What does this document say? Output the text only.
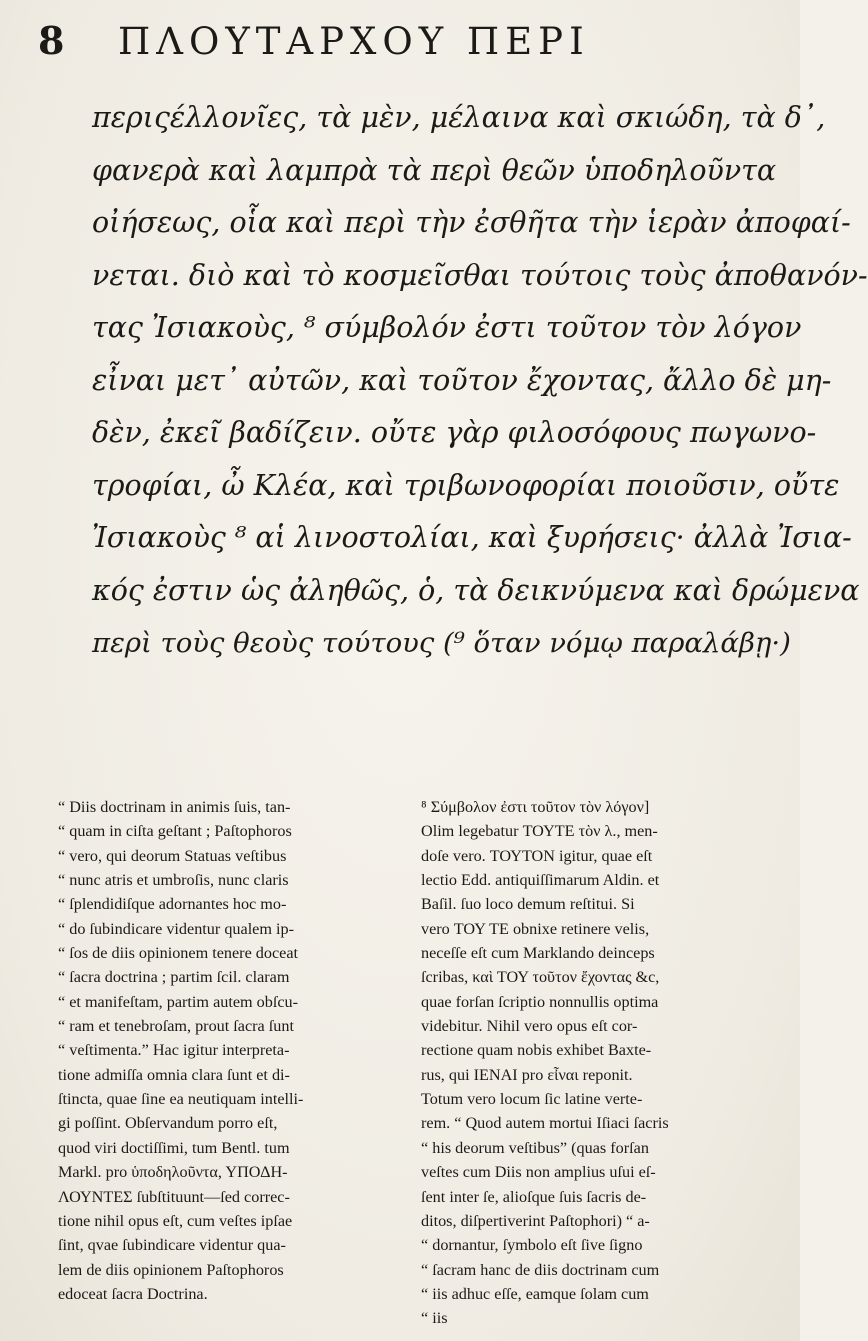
8 ΠΛΟΥΤΑΡΧΟΥ ΠΕΡΙ
περιςέλλονῖες, τὰ μὲν, μέλαινα καὶ σκιώδη, τὰ δ᾽,
φανερὰ καὶ λαμπρὰ τὰ περὶ θεῶν ὑποδηλοῦντα
οἰήσεως, οἷα καὶ περὶ τὴν ἐσθῆτα τὴν ἱερὰν ἀποφαί-
νεται. διὸ καὶ τὸ κοσμεῖσθαι τούτοις τοὺς ἀποθανόν-
τας Ἰσιακοὺς, ⁸ σύμβολόν ἐστι τοῦτον τὸν λόγον
εἶναι μετ᾽ αὐτῶν, καὶ τοῦτον ἔχοντας, ἄλλο δὲ μη-
δὲν, ἐκεῖ βαδίζειν. οὔτε γὰρ φιλοσόφους πωγωνο-
τροφίαι, ὦ Κλέα, καὶ τριβωνοφορίαι ποιοῦσιν, οὔτε
Ἰσιακοὺς ⁸ αἱ λινοστολίαι, καὶ ξυρήσεις· ἀλλὰ Ἰσια-
κός ἐστιν ὡς ἀληθῶς, ὁ, τὰ δεικνύμενα καὶ δρώμενα
περὶ τοὺς θεοὺς τούτους (⁹ ὅταν νόμῳ παραλάβῃ·)
“ Diis doctrinam in animis ſuis, tan-
“ quam in ciſta geſtant ; Paſtophoros
“ vero, qui deorum Statuas veſtibus
“ nunc atris et umbroſis, nunc claris
“ ſplendidiſque adornantes hoc mo-
“ do ſubindicare videntur qualem ip-
“ ſos de diis opinionem tenere doceat
“ ſacra doctrina ; partim ſcil. claram
“ et manifeſtam, partim autem obſcu-
“ ram et tenebroſam, prout ſacra ſunt
“ veſtimenta.” Hac igitur interpreta-
tione admiſſa omnia clara ſunt et di-
ſtincta, quae ſine ea neutiquam intelli-
gi poſſint. Obſervandum porro eſt,
quod viri doctiſſimi, tum Bentl. tum
Markl. pro ὑποδηλοῦντα, ΥΠΟΔΗ-
ΛΟΥΝΤΕΣ ſubſtituunt—ſed correc-
tione nihil opus eſt, cum veſtes ipſae
ſint, qvae ſubindicare videntur qua-
lem de diis opinionem Paſtophoros
edoceat ſacra Doctrina.
⁸ Σύμβολον ἐστι τοῦτον τὸν λόγον]
Olim legebatur ΤΟΥΤΕ τὸν λ., men-
doſe vero. ΤΟΥΤΟΝ igitur, quae eſt
lectio Edd. antiquiſſimarum Aldin. et
Baſil. ſuo loco demum reſtitui. Si
vero ΤΟΥ ΤΕ obnixe retinere velis,
neceſſe eſt cum Marklando deinceps
ſcribas, καὶ ΤΟΥ τοῦτον ἔχοντας &c,
quae forſan ſcriptio nonnullis optima
videbitur. Nihil vero opus eſt cor-
rectione quam nobis exhibet Baxte-
rus, qui ΙΕΝΑΙ pro εἶναι reponit.
Totum vero locum ſic latine verte-
rem. “ Quod autem mortui Iſiaci ſacris
“ his deorum veſtibus” (quas forſan
veſtes cum Diis non amplius uſui eſ-
ſent inter ſe, alioſque ſuis ſacris de-
ditos, diſpertiverint Paſtophori) “ a-
“ dornantur, ſymbolo eſt ſive ſigno
“ ſacram hanc de diis doctrinam cum
“ iis adhuc eſſe, eamque ſolam cum
“ iis
